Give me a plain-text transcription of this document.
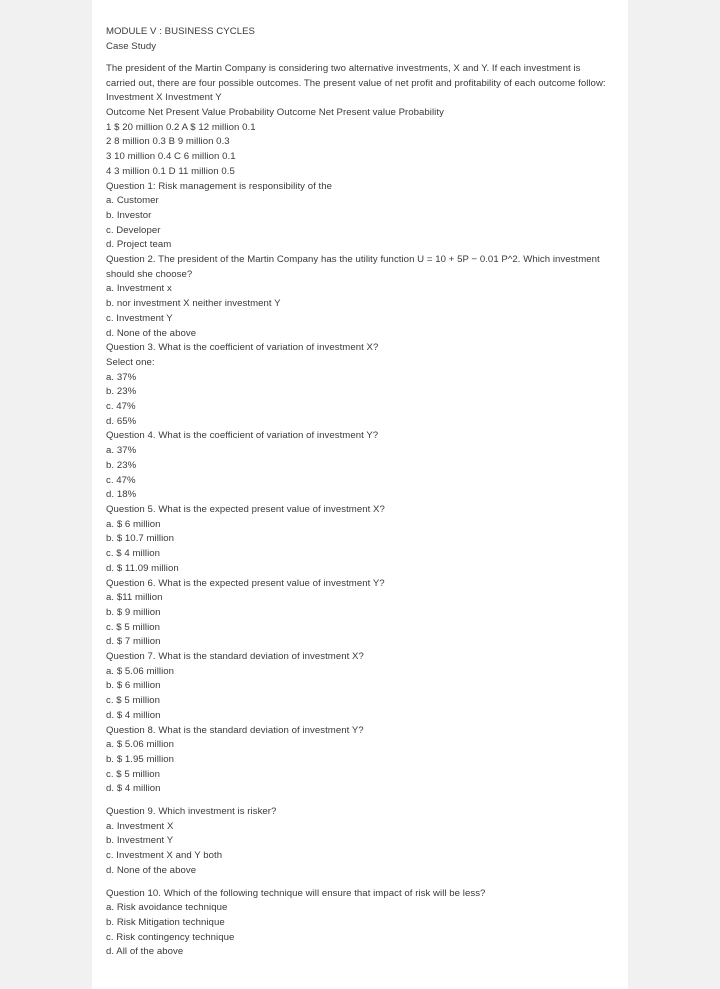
MODULE V : BUSINESS CYCLES
Case Study
The president of the Martin Company is considering two alternative investments, X and Y. If each investment is carried out, there are four possible outcomes. The present value of net profit and profitability of each outcome follow:
Investment X Investment Y
Outcome Net Present Value Probability Outcome Net Present value Probability
1 $ 20 million 0.2 A $ 12 million 0.1
2 8 million 0.3 B 9 million 0.3
3 10 million 0.4 C 6 million 0.1
4 3 million 0.1 D 11 million 0.5
Question 1: Risk management is responsibility of the
a. Customer
b. Investor
c. Developer
d. Project team
Question 2. The president of the Martin Company has the utility function U = 10 + 5P − 0.01 P^2. Which investment should she choose?
a. Investment x
b. nor investment X neither investment Y
c. Investment Y
d. None of the above
Question 3. What is the coefficient of variation of investment X?
Select one:
a. 37%
b. 23%
c. 47%
d. 65%
Question 4. What is the coefficient of variation of investment Y?
a. 37%
b. 23%
c. 47%
d. 18%
Question 5. What is the expected present value of investment X?
a. $ 6 million
b. $ 10.7 million
c. $ 4 million
d. $ 11.09 million
Question 6. What is the expected present value of investment Y?
a. $11 million
b. $ 9 million
c. $ 5 million
d. $ 7 million
Question 7. What is the standard deviation of investment X?
a. $ 5.06 million
b. $ 6 million
c. $ 5 million
d. $ 4 million
Question 8. What is the standard deviation of investment Y?
a. $ 5.06 million
b. $ 1.95 million
c. $ 5 million
d. $ 4 million
Question 9. Which investment is risker?
a. Investment X
b. Investment Y
c. Investment X and Y both
d. None of the above
Question 10. Which of the following technique will ensure that impact of risk will be less?
a. Risk avoidance technique
b. Risk Mitigation technique
c. Risk contingency technique
d. All of the above
